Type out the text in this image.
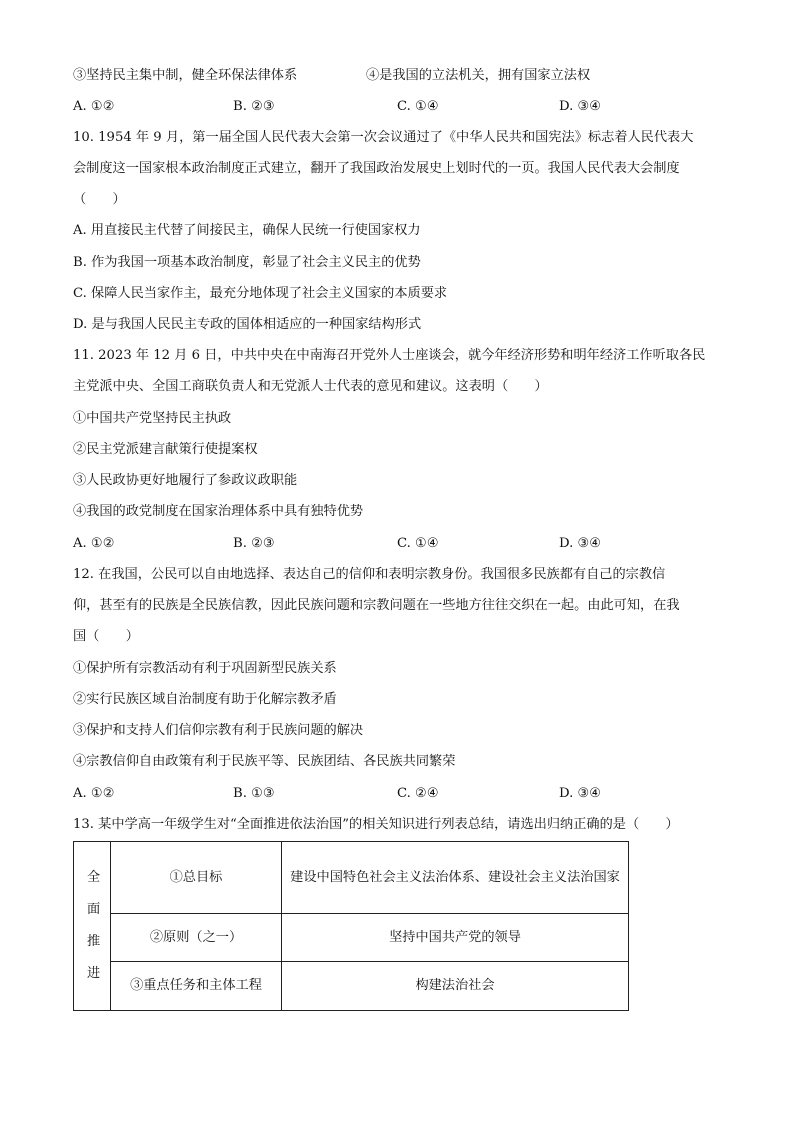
③坚持民主集中制，健全环保法律体系	④是我国的立法机关，拥有国家立法权
A. ①②	B. ②③	C. ①④	D. ③④
10. 1954 年 9 月，第一届全国人民代表大会第一次会议通过了《中华人民共和国宪法》标志着人民代表大
会制度这一国家根本政治制度正式建立，翻开了我国政治发展史上划时代的一页。我国人民代表大会制度
（　　）
A. 用直接民主代替了间接民主，确保人民统一行使国家权力
B. 作为我国一项基本政治制度，彰显了社会主义民主的优势
C. 保障人民当家作主，最充分地体现了社会主义国家的本质要求
D. 是与我国人民民主专政的国体相适应的一种国家结构形式
11. 2023 年 12 月 6 日，中共中央在中南海召开党外人士座谈会，就今年经济形势和明年经济工作听取各民
主党派中央、全国工商联负责人和无党派人士代表的意见和建议。这表明（　　）
①中国共产党坚持民主执政
②民主党派建言献策行使提案权
③人民政协更好地履行了参政议政职能
④我国的政党制度在国家治理体系中具有独特优势
A. ①②	B. ②③	C. ①④	D. ③④
12. 在我国，公民可以自由地选择、表达自己的信仰和表明宗教身份。我国很多民族都有自己的宗教信
仰，甚至有的民族是全民族信教，因此民族问题和宗教问题在一些地方往往交织在一起。由此可知，在我
国（　　）
①保护所有宗教活动有利于巩固新型民族关系
②实行民族区域自治制度有助于化解宗教矛盾
③保护和支持人们信仰宗教有利于民族问题的解决
④宗教信仰自由政策有利于民族平等、民族团结、各民族共同繁荣
A. ①②	B. ①③	C. ②④	D. ③④
13. 某中学高一年级学生对“全面推进依法治国”的相关知识进行列表总结，请选出归纳正确的是（　　）
全面推进	①总目标	建设中国特色社会主义法治体系、建设社会主义法治国家
	②原则（之一）	坚持中国共产党的领导
	③重点任务和主体工程	构建法治社会
